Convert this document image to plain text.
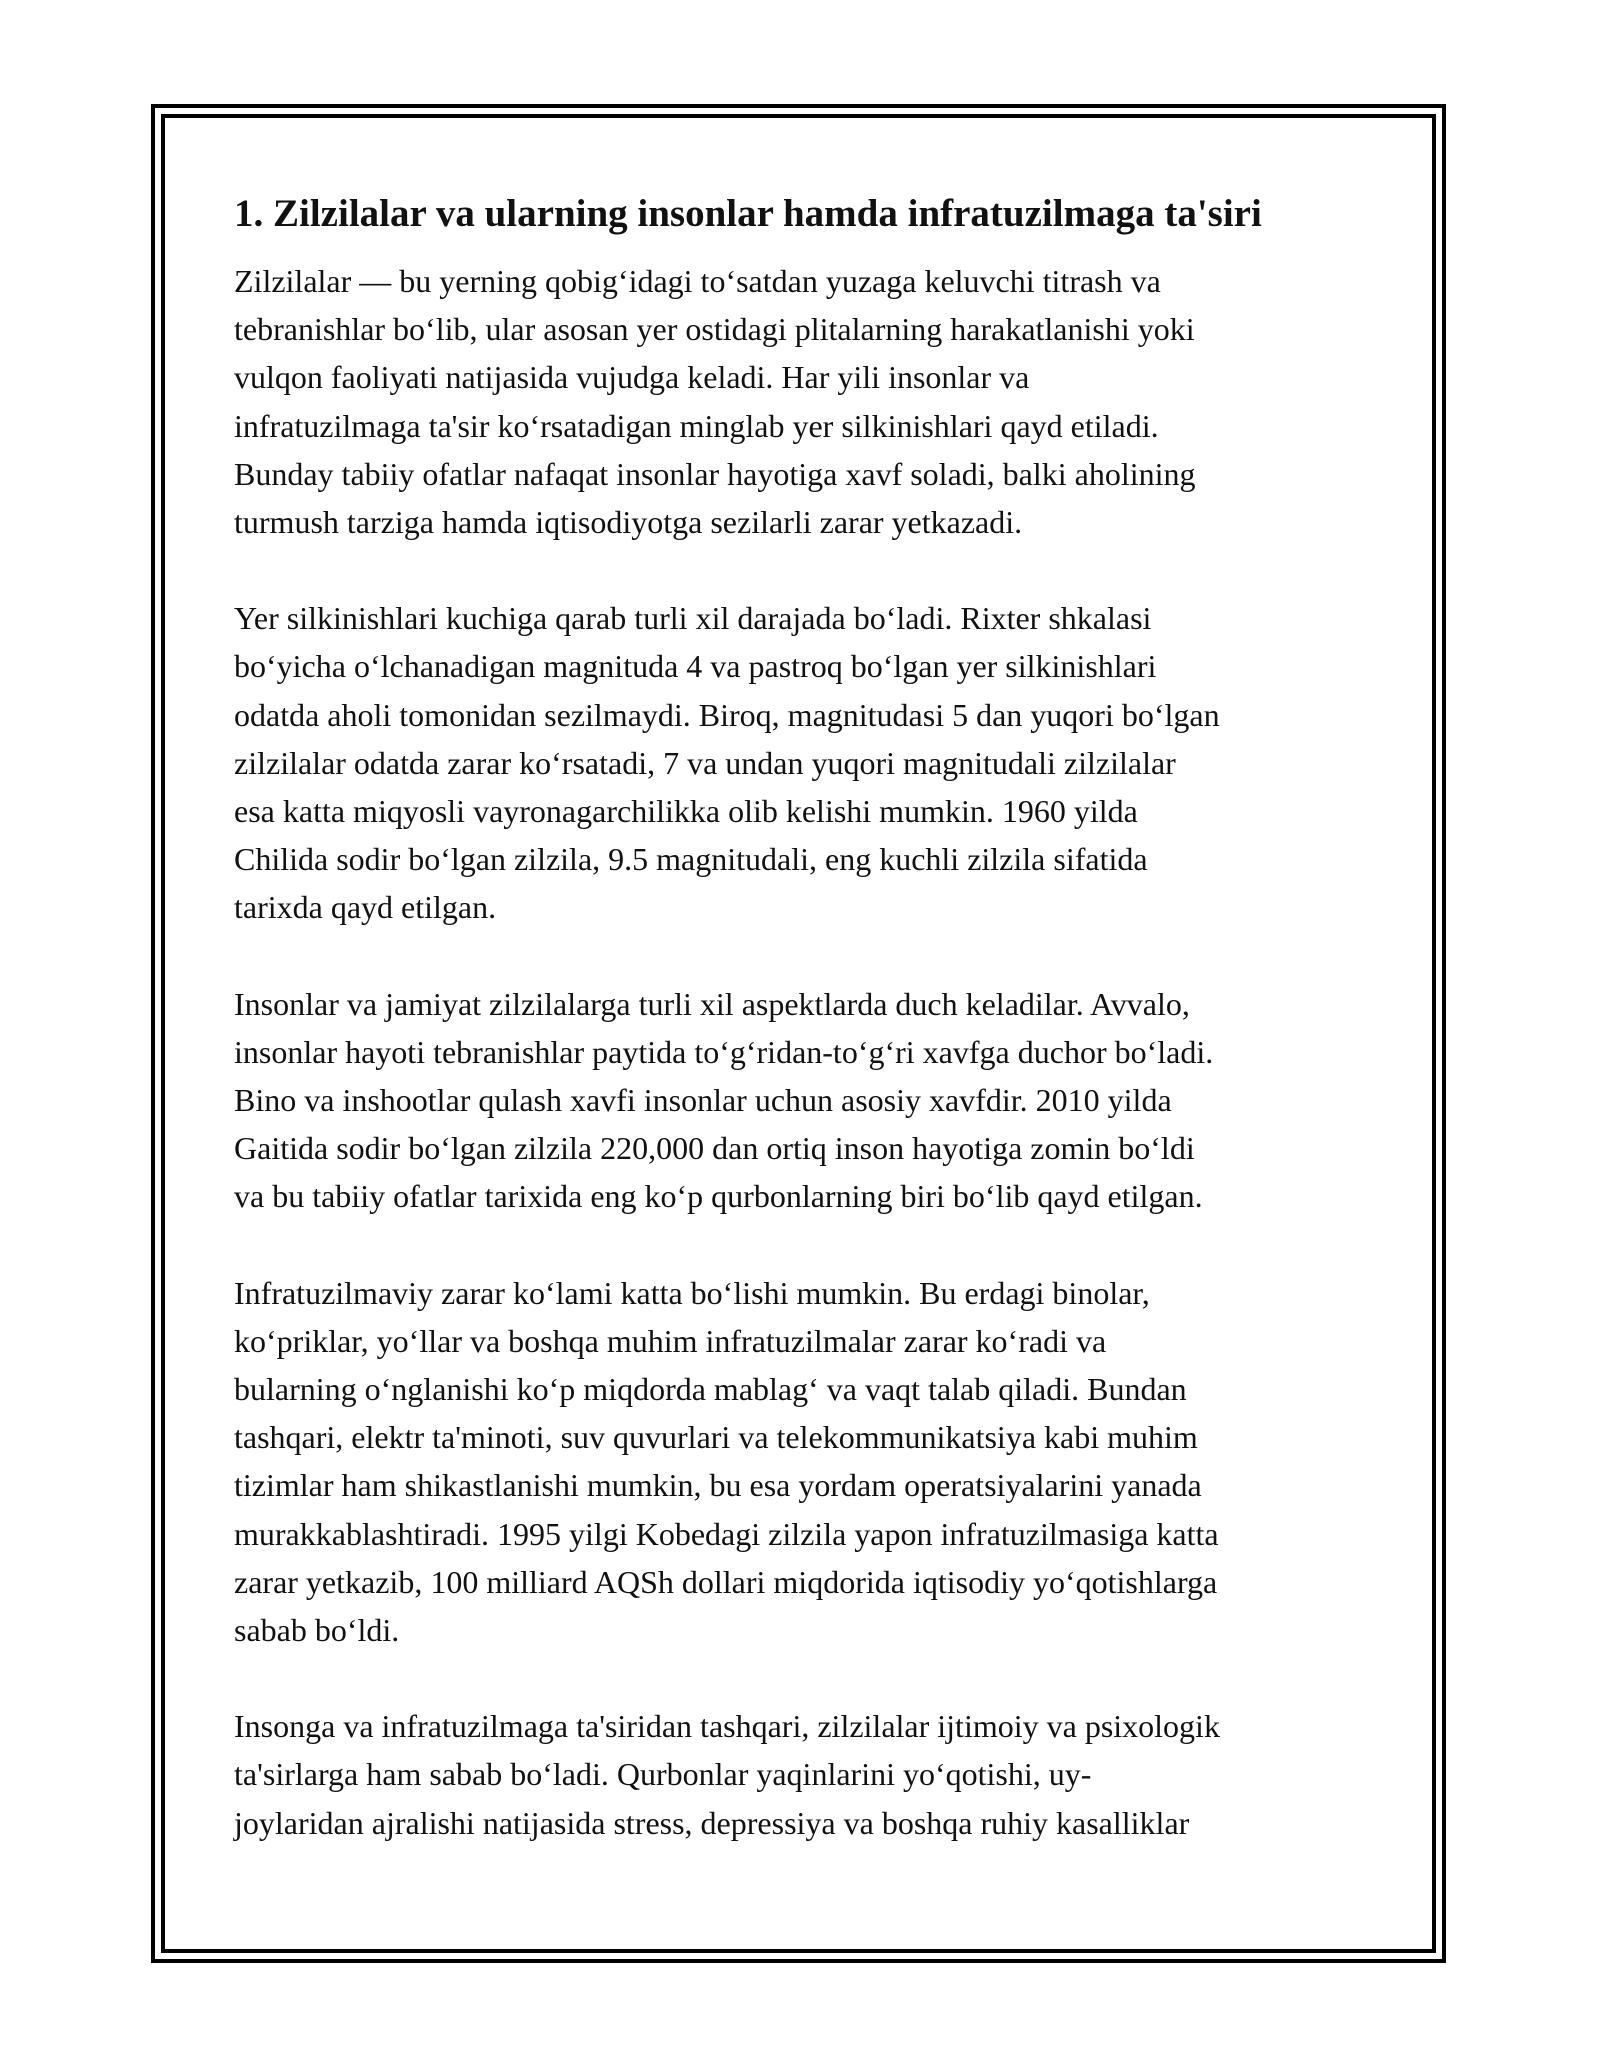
1. Zilzilalar va ularning insonlar hamda infratuzilmaga ta'siri
Zilzilalar — bu yerning qobig‘idagi to‘satdan yuzaga keluvchi titrash va
tebranishlar bo‘lib, ular asosan yer ostidagi plitalarning harakatlanishi yoki
vulqon faoliyati natijasida vujudga keladi. Har yili insonlar va
infratuzilmaga ta'sir ko‘rsatadigan minglab yer silkinishlari qayd etiladi.
Bunday tabiiy ofatlar nafaqat insonlar hayotiga xavf soladi, balki aholining
turmush tarziga hamda iqtisodiyotga sezilarli zarar yetkazadi.
Yer silkinishlari kuchiga qarab turli xil darajada bo‘ladi. Rixter shkalasi
bo‘yicha o‘lchanadigan magnituda 4 va pastroq bo‘lgan yer silkinishlari
odatda aholi tomonidan sezilmaydi. Biroq, magnitudasi 5 dan yuqori bo‘lgan
zilzilalar odatda zarar ko‘rsatadi, 7 va undan yuqori magnitudali zilzilalar
esa katta miqyosli vayronagarchilikka olib kelishi mumkin. 1960 yilda
Chilida sodir bo‘lgan zilzila, 9.5 magnitudali, eng kuchli zilzila sifatida
tarixda qayd etilgan.
Insonlar va jamiyat zilzilalarga turli xil aspektlarda duch keladilar. Avvalo,
insonlar hayoti tebranishlar paytida to‘g‘ridan-to‘g‘ri xavfga duchor bo‘ladi.
Bino va inshootlar qulash xavfi insonlar uchun asosiy xavfdir. 2010 yilda
Gaitida sodir bo‘lgan zilzila 220,000 dan ortiq inson hayotiga zomin bo‘ldi
va bu tabiiy ofatlar tarixida eng ko‘p qurbonlarning biri bo‘lib qayd etilgan.
Infratuzilmaviy zarar ko‘lami katta bo‘lishi mumkin. Bu erdagi binolar,
ko‘priklar, yo‘llar va boshqa muhim infratuzilmalar zarar ko‘radi va
bularning o‘nglanishi ko‘p miqdorda mablag‘ va vaqt talab qiladi. Bundan
tashqari, elektr ta'minoti, suv quvurlari va telekommunikatsiya kabi muhim
tizimlar ham shikastlanishi mumkin, bu esa yordam operatsiyalarini yanada
murakkablashtiradi. 1995 yilgi Kobedagi zilzila yapon infratuzilmasiga katta
zarar yetkazib, 100 milliard AQSh dollari miqdorida iqtisodiy yo‘qotishlarga
sabab bo‘ldi.
Insonga va infratuzilmaga ta'siridan tashqari, zilzilalar ijtimoiy va psixologik
ta'sirlarga ham sabab bo‘ladi. Qurbonlar yaqinlarini yo‘qotishi, uy-
joylaridan ajralishi natijasida stress, depressiya va boshqa ruhiy kasalliklar
